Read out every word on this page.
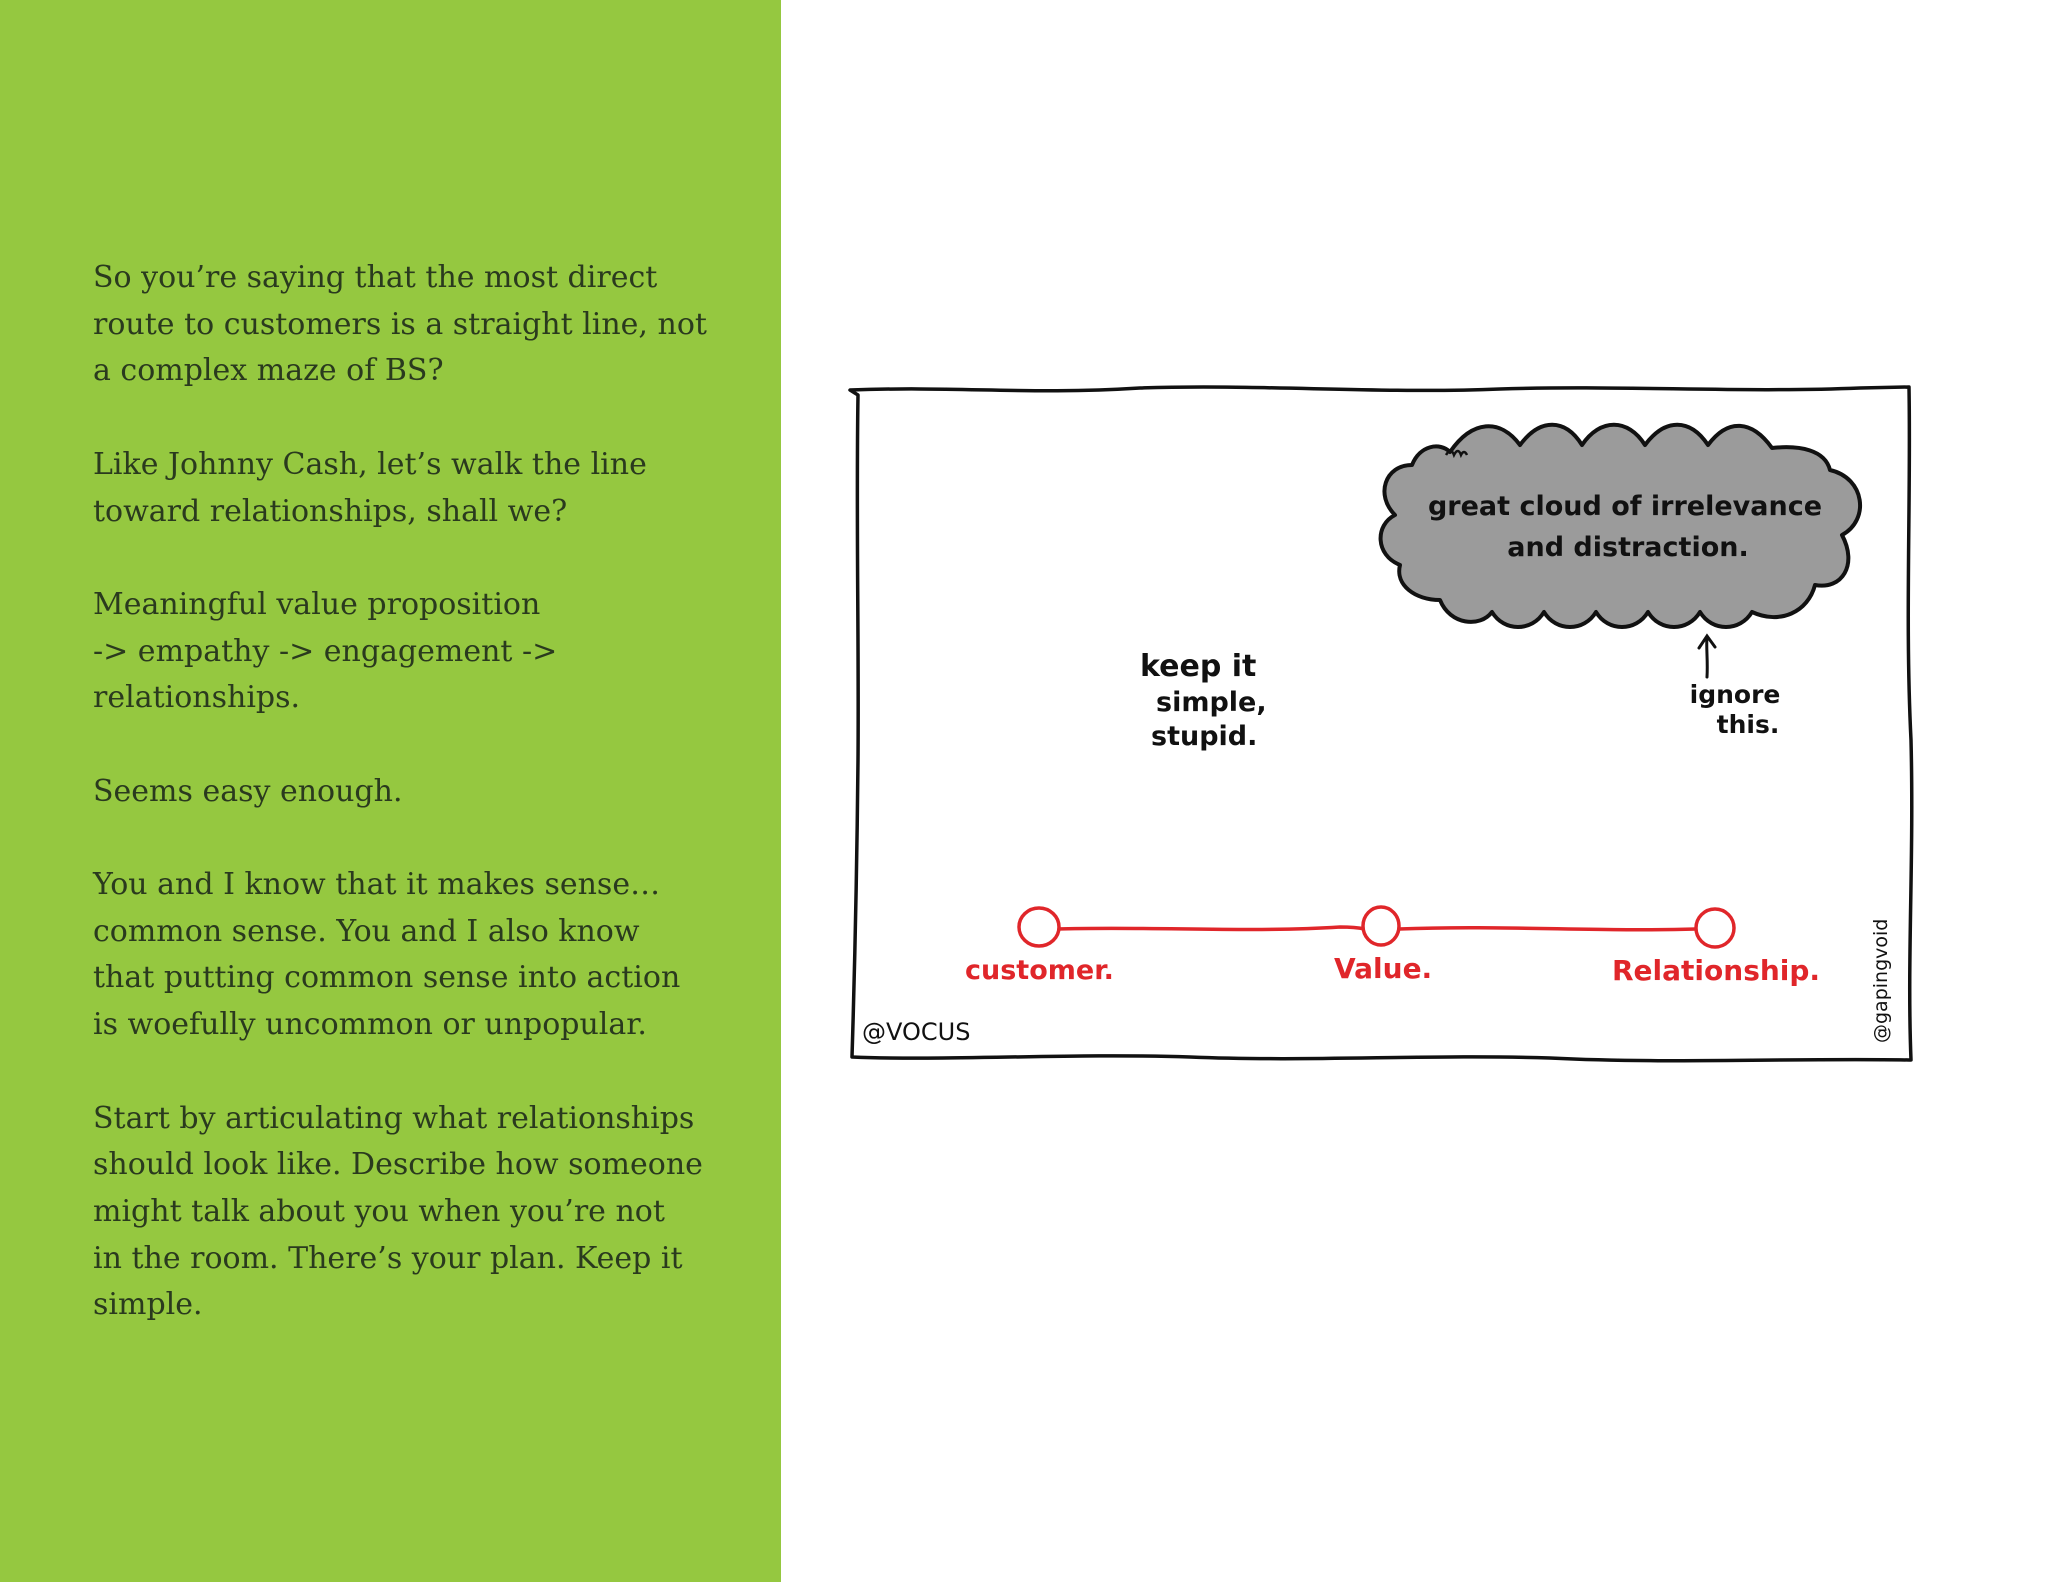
So you’re saying that the most direct
route to customers is a straight line, not
a complex maze of BS?

Like Johnny Cash, let’s walk the line
toward relationships, shall we?

Meaningful value proposition
-> empathy -> engagement ->
relationships.

Seems easy enough.

You and I know that it makes sense…
common sense. You and I also know
that putting common sense into action
is woefully uncommon or unpopular.

Start by articulating what relationships
should look like. Describe how someone
might talk about you when you’re not
in the room. There’s your plan. Keep it
simple.

great cloud of irrelevance
and distraction.
ignore
this.
keep it
simple,
stupid.
customer.	Value.	Relationship.
@VOCUS	@gapingvoid
